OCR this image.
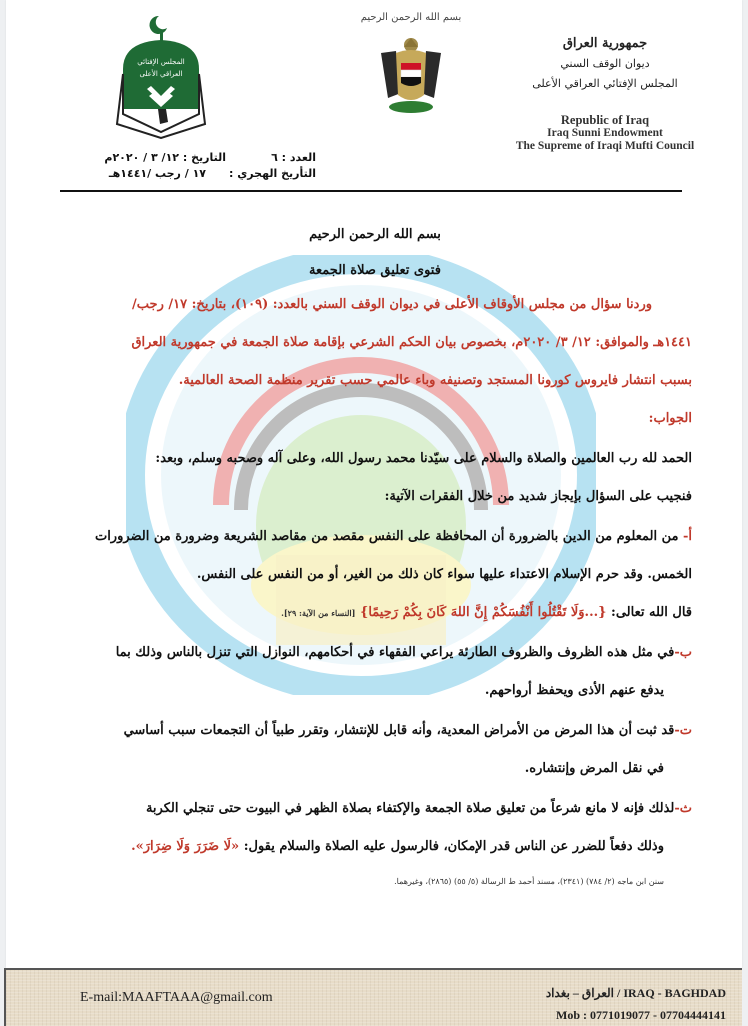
جمهورية العراق
ديوان الوقف السني
المجلس الإفتائي العراقي الأعلى
Republic of Iraq
Iraq Sunni Endowment
The Supreme of Iraqi Mufti Council
بسم الله الرحمن الرحيم
المجلس الإفتائي
العراقي الأعلى
العدد : ٦
التاريخ : ١٢/ ٣ / ٢٠٢٠م
التأريخ الهجري :
١٧ / رجب /١٤٤١هـ
بسم الله الرحمن الرحيم
فتوى تعليق صلاة الجمعة
وردنا سؤال من مجلس الأوقاف الأعلى في ديوان الوقف السني بالعدد: (١٠٩)، بتاريخ: ١٧/ رجب/
١٤٤١هـ والموافق: ١٢/ ٣/ ٢٠٢٠م، بخصوص بيان الحكم الشرعي بإقامة صلاة الجمعة في جمهورية العراق
بسبب انتشار فايروس كورونا المستجد وتصنيفه وباء عالمي حسب تقرير منظمة الصحة العالمية.
الجواب:
الحمد لله رب العالمين والصلاة والسلام على سيّدنا محمد رسول الله، وعلى آله وصحبه وسلم، وبعد:
فنجيب على السؤال بإيجاز شديد من خلال الفقرات الآتية:
أ- من المعلوم من الدين بالضرورة أن المحافظة على النفس مقصد من مقاصد الشريعة وضرورة من الضرورات
الخمس. وقد حرم الإسلام الاعتداء عليها سواء كان ذلك من الغير، أو من النفس على النفس.
قال الله تعالى: {...وَلَا تَقْتُلُوا أَنْفُسَكُمْ إِنَّ اللهَ كَانَ بِكُمْ رَحِيمًا} [النساء من الآية: ٢٩].
ب-في مثل هذه الظروف والظروف الطارئة يراعي الفقهاء في أحكامهم، النوازل التي تنزل بالناس وذلك بما
يدفع عنهم الأذى ويحفظ أرواحهم.
ت-قد ثبت أن هذا المرض من الأمراض المعدية، وأنه قابل للإنتشار، وتقرر طبياً أن التجمعات سبب أساسي
في نقل المرض وإنتشاره.
ث-لذلك فإنه لا مانع شرعاً من تعليق صلاة الجمعة والإكتفاء بصلاة الظهر في البيوت حتى تنجلي الكربة
وذلك دفعاً للضرر عن الناس قدر الإمكان، فالرسول عليه الصلاة والسلام يقول: «لَا ضَرَرَ وَلَا ضِرَارَ».
سنن ابن ماجه (٢/ ٧٨٤) (٢٣٤١)، مسند أحمد ط الرسالة (٥/ ٥٥) (٢٨٦٥)، وغيرهما.
E-mail:MAAFTAAA@gmail.com	العراق – بغداد / IRAQ - BAGHDAD
Mob : 0771019077 - 07704444141
